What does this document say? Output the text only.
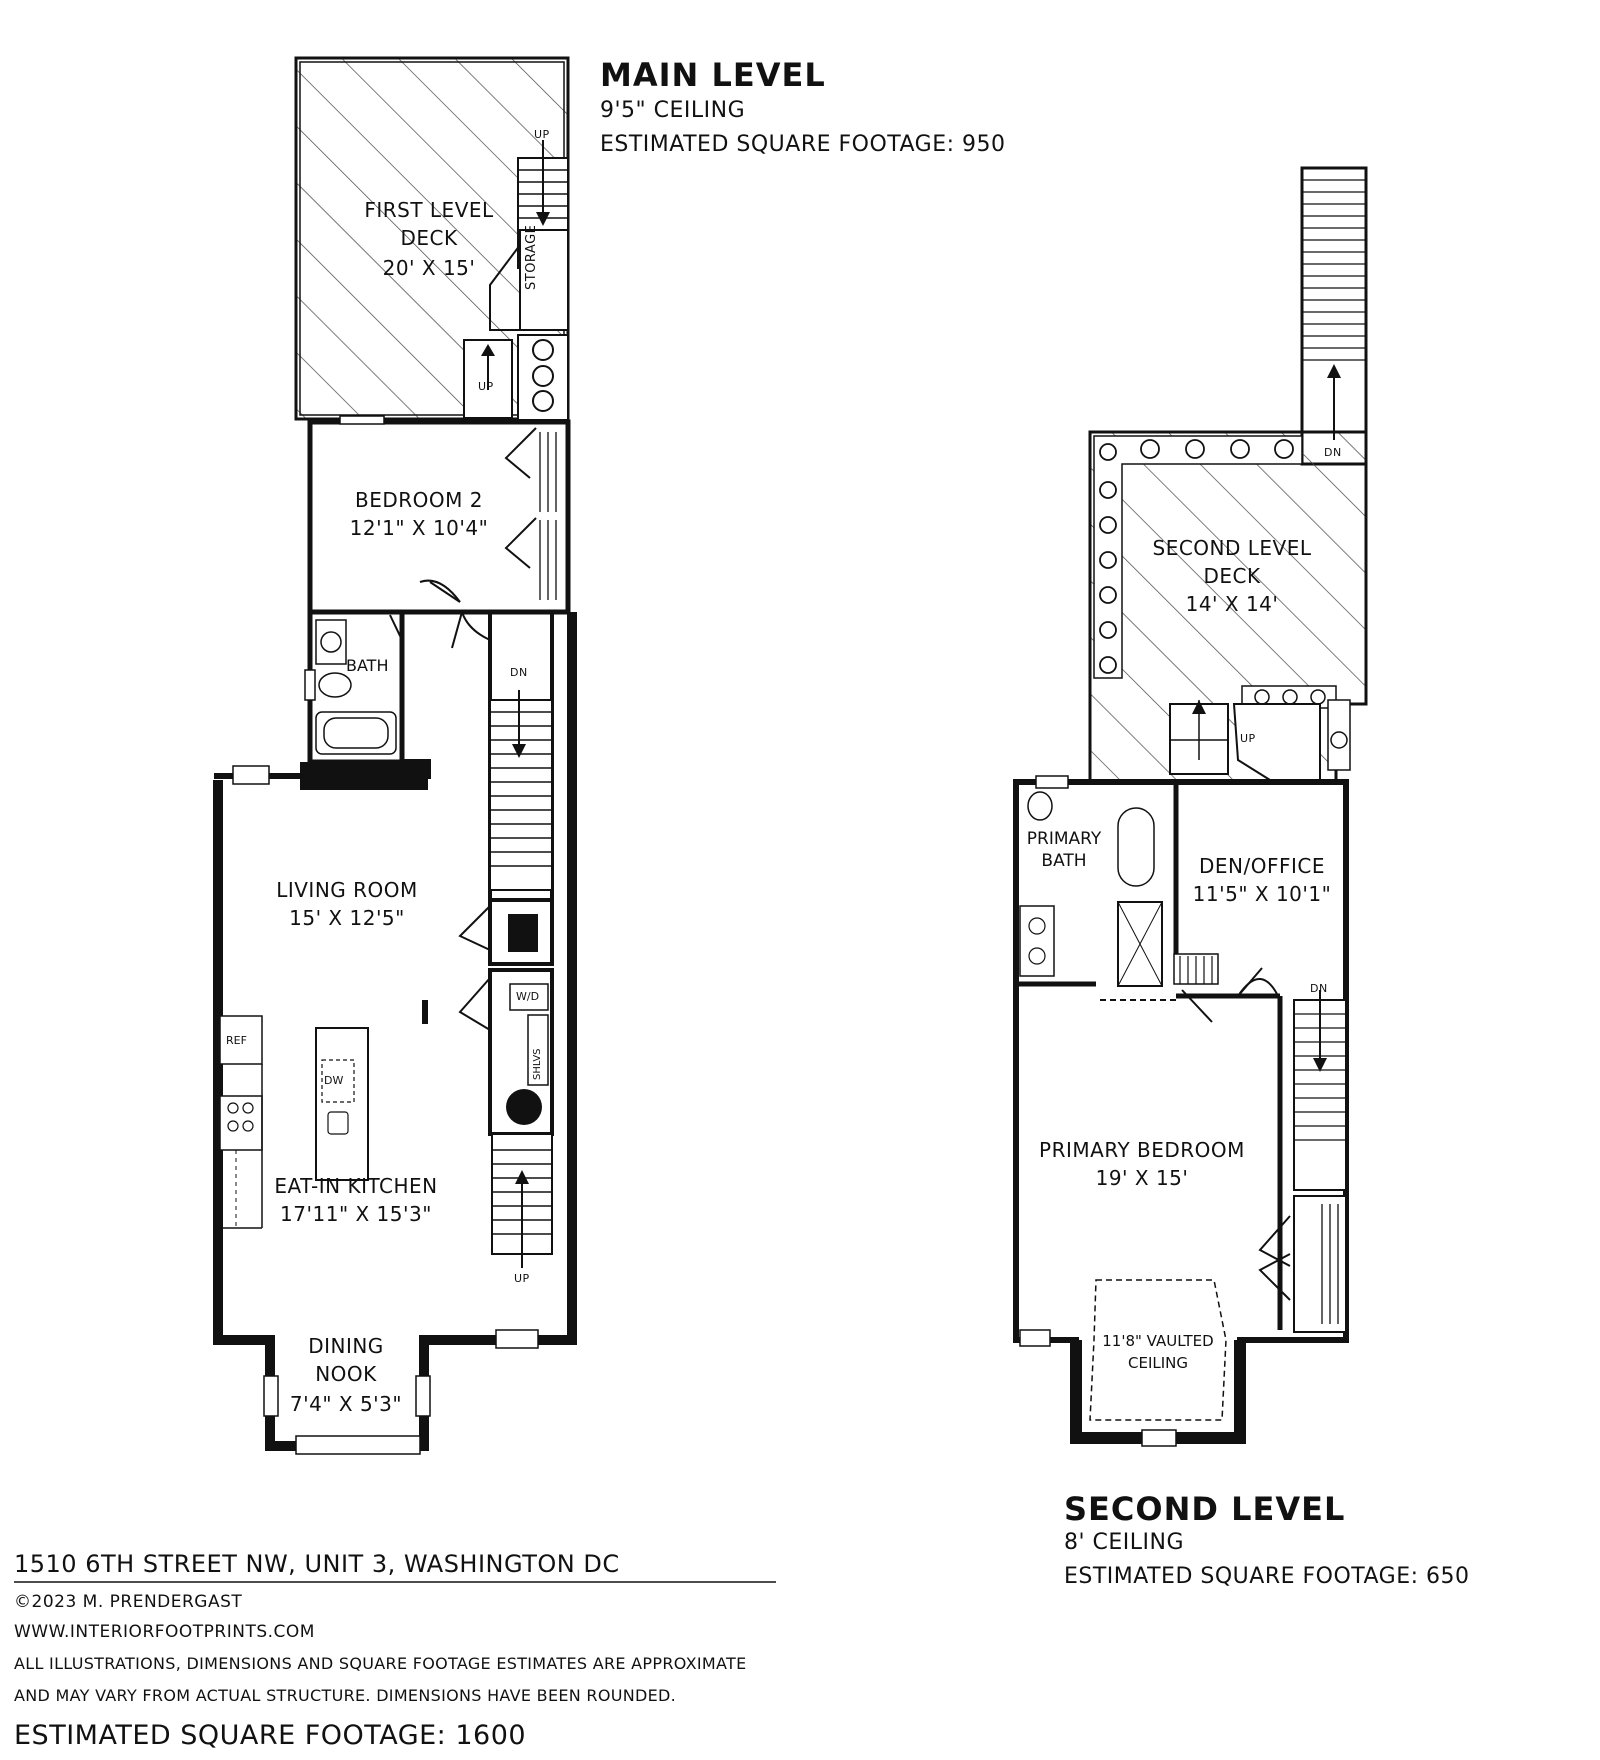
MAIN LEVEL
9'5" CEILING
ESTIMATED SQUARE FOOTAGE: 950
FIRST LEVEL
DECK
20' X 15'	STORAGE
UP
UP
BEDROOM 2
12'1" X 10'4"
BATH	DN
LIVING ROOM
15' X 12'5"
W/D
SHLVS
REF
DW
EAT-IN KITCHEN
17'11" X 15'3"
UP
DINING
NOOK
7'4" X 5'3"
DN
SECOND LEVEL
DECK
14' X 14'
UP
PRIMARY
BATH	DEN/OFFICE
11'5" X 10'1"
DN
PRIMARY BEDROOM
19' X 15'
11'8" VAULTED
CEILING
SECOND LEVEL
8' CEILING
ESTIMATED SQUARE FOOTAGE: 650
1510 6TH STREET NW, UNIT 3, WASHINGTON DC
©2023 M. PRENDERGAST
WWW.INTERIORFOOTPRINTS.COM
ALL ILLUSTRATIONS, DIMENSIONS AND SQUARE FOOTAGE ESTIMATES ARE APPROXIMATE
AND MAY VARY FROM ACTUAL STRUCTURE. DIMENSIONS HAVE BEEN ROUNDED.
ESTIMATED SQUARE FOOTAGE: 1600
